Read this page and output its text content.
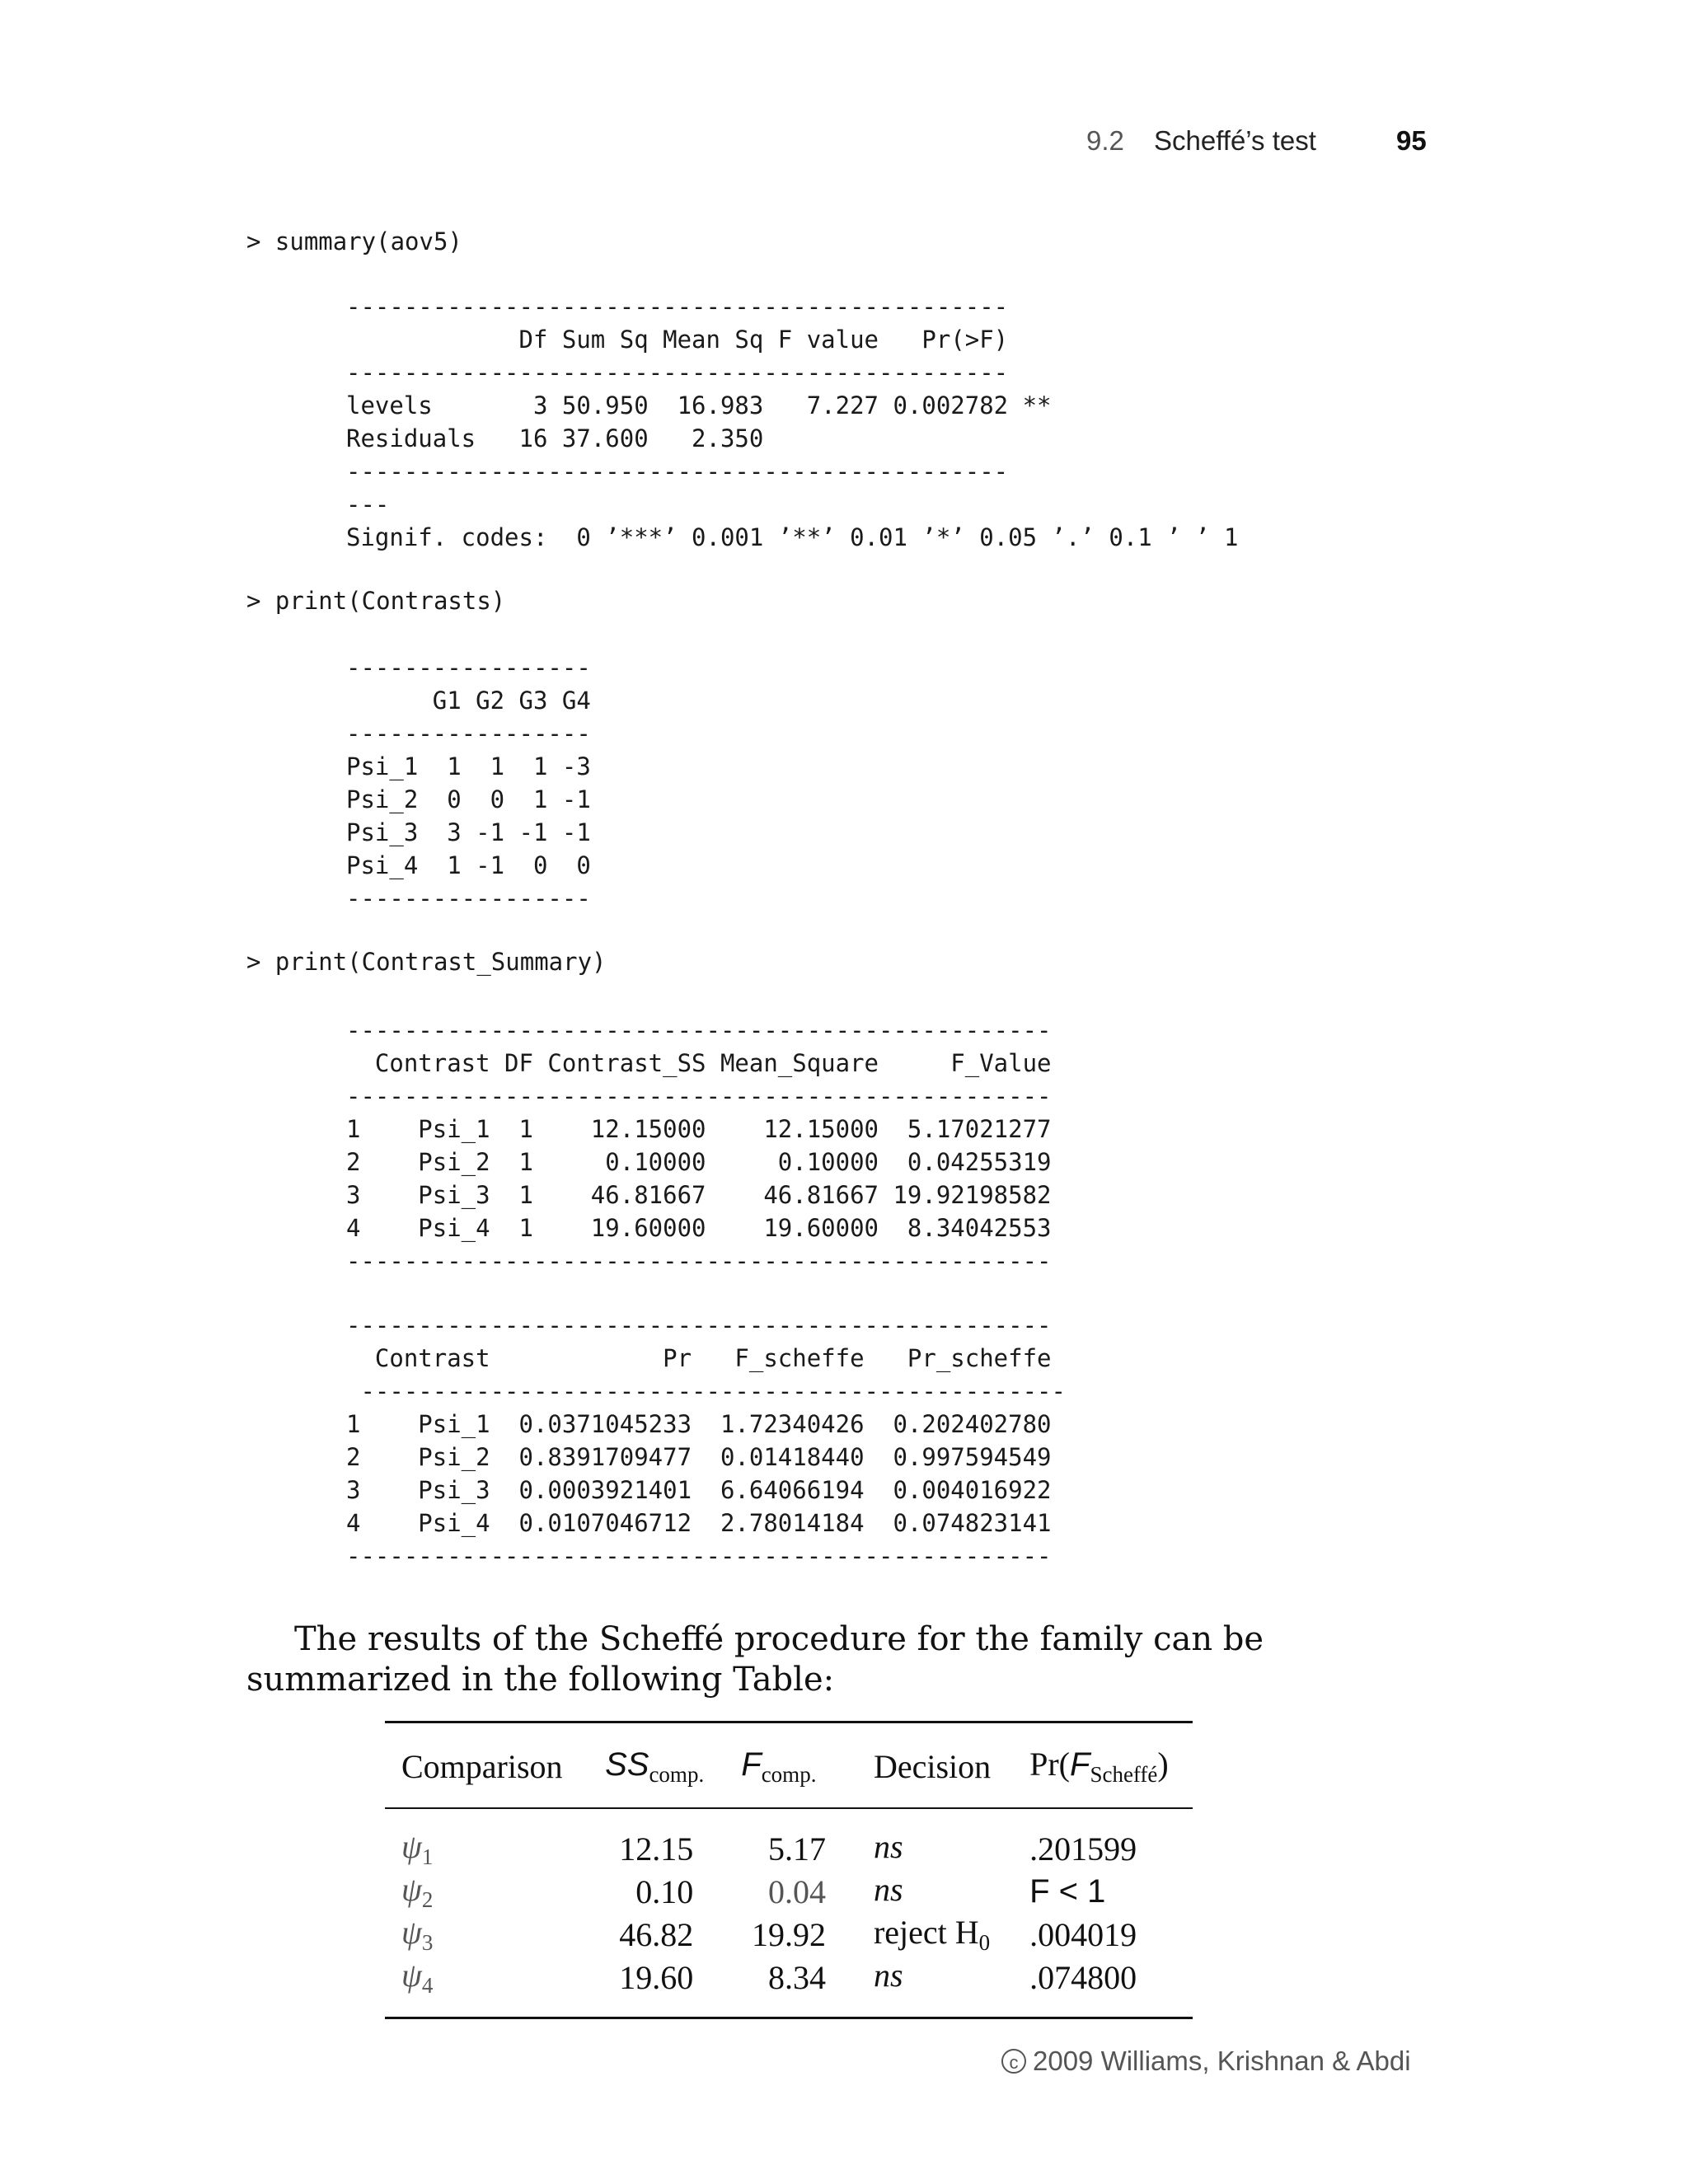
9.2 Scheffé’s test	95
> summary(aov5)
----------------------------------------------
Df Sum Sq Mean Sq F value   Pr(>F)
----------------------------------------------
levels       3 50.950  16.983   7.227 0.002782 **
Residuals   16 37.600   2.350
----------------------------------------------
---
Signif. codes:  0 ’***’ 0.001 ’**’ 0.01 ’*’ 0.05 ’.’ 0.1 ’ ’ 1
> print(Contrasts)
-----------------
G1 G2 G3 G4
-----------------
Psi_1  1  1  1 -3
Psi_2  0  0  1 -1
Psi_3  3 -1 -1 -1
Psi_4  1 -1  0  0
-----------------
> print(Contrast_Summary)
-------------------------------------------------
Contrast DF Contrast_SS Mean_Square     F_Value
-------------------------------------------------
1    Psi_1  1    12.15000    12.15000  5.17021277
2    Psi_2  1     0.10000     0.10000  0.04255319
3    Psi_3  1    46.81667    46.81667 19.92198582
4    Psi_4  1    19.60000    19.60000  8.34042553
-------------------------------------------------
-------------------------------------------------
Contrast            Pr   F_scheffe   Pr_scheffe
-------------------------------------------------
1    Psi_1  0.0371045233  1.72340426  0.202402780
2    Psi_2  0.8391709477  0.01418440  0.997594549
3    Psi_3  0.0003921401  6.64066194  0.004016922
4    Psi_4  0.0107046712  2.78014184  0.074823141
-------------------------------------------------
The results of the Scheffé procedure for the family can be summarized in the following Table:
Comparison	$SS_{comp.}$	$F_{comp.}$	Decision	$Pr(F_{Scheffé})$
$\psi_1$	12.15	5.17	ns	.201599
$\psi_2$	0.10	0.04	ns	F < 1
$\psi_3$	46.82	19.92	reject $H_0$	.004019
$\psi_4$	19.60	8.34	ns	.074800
c 2009 Williams, Krishnan & Abdi
